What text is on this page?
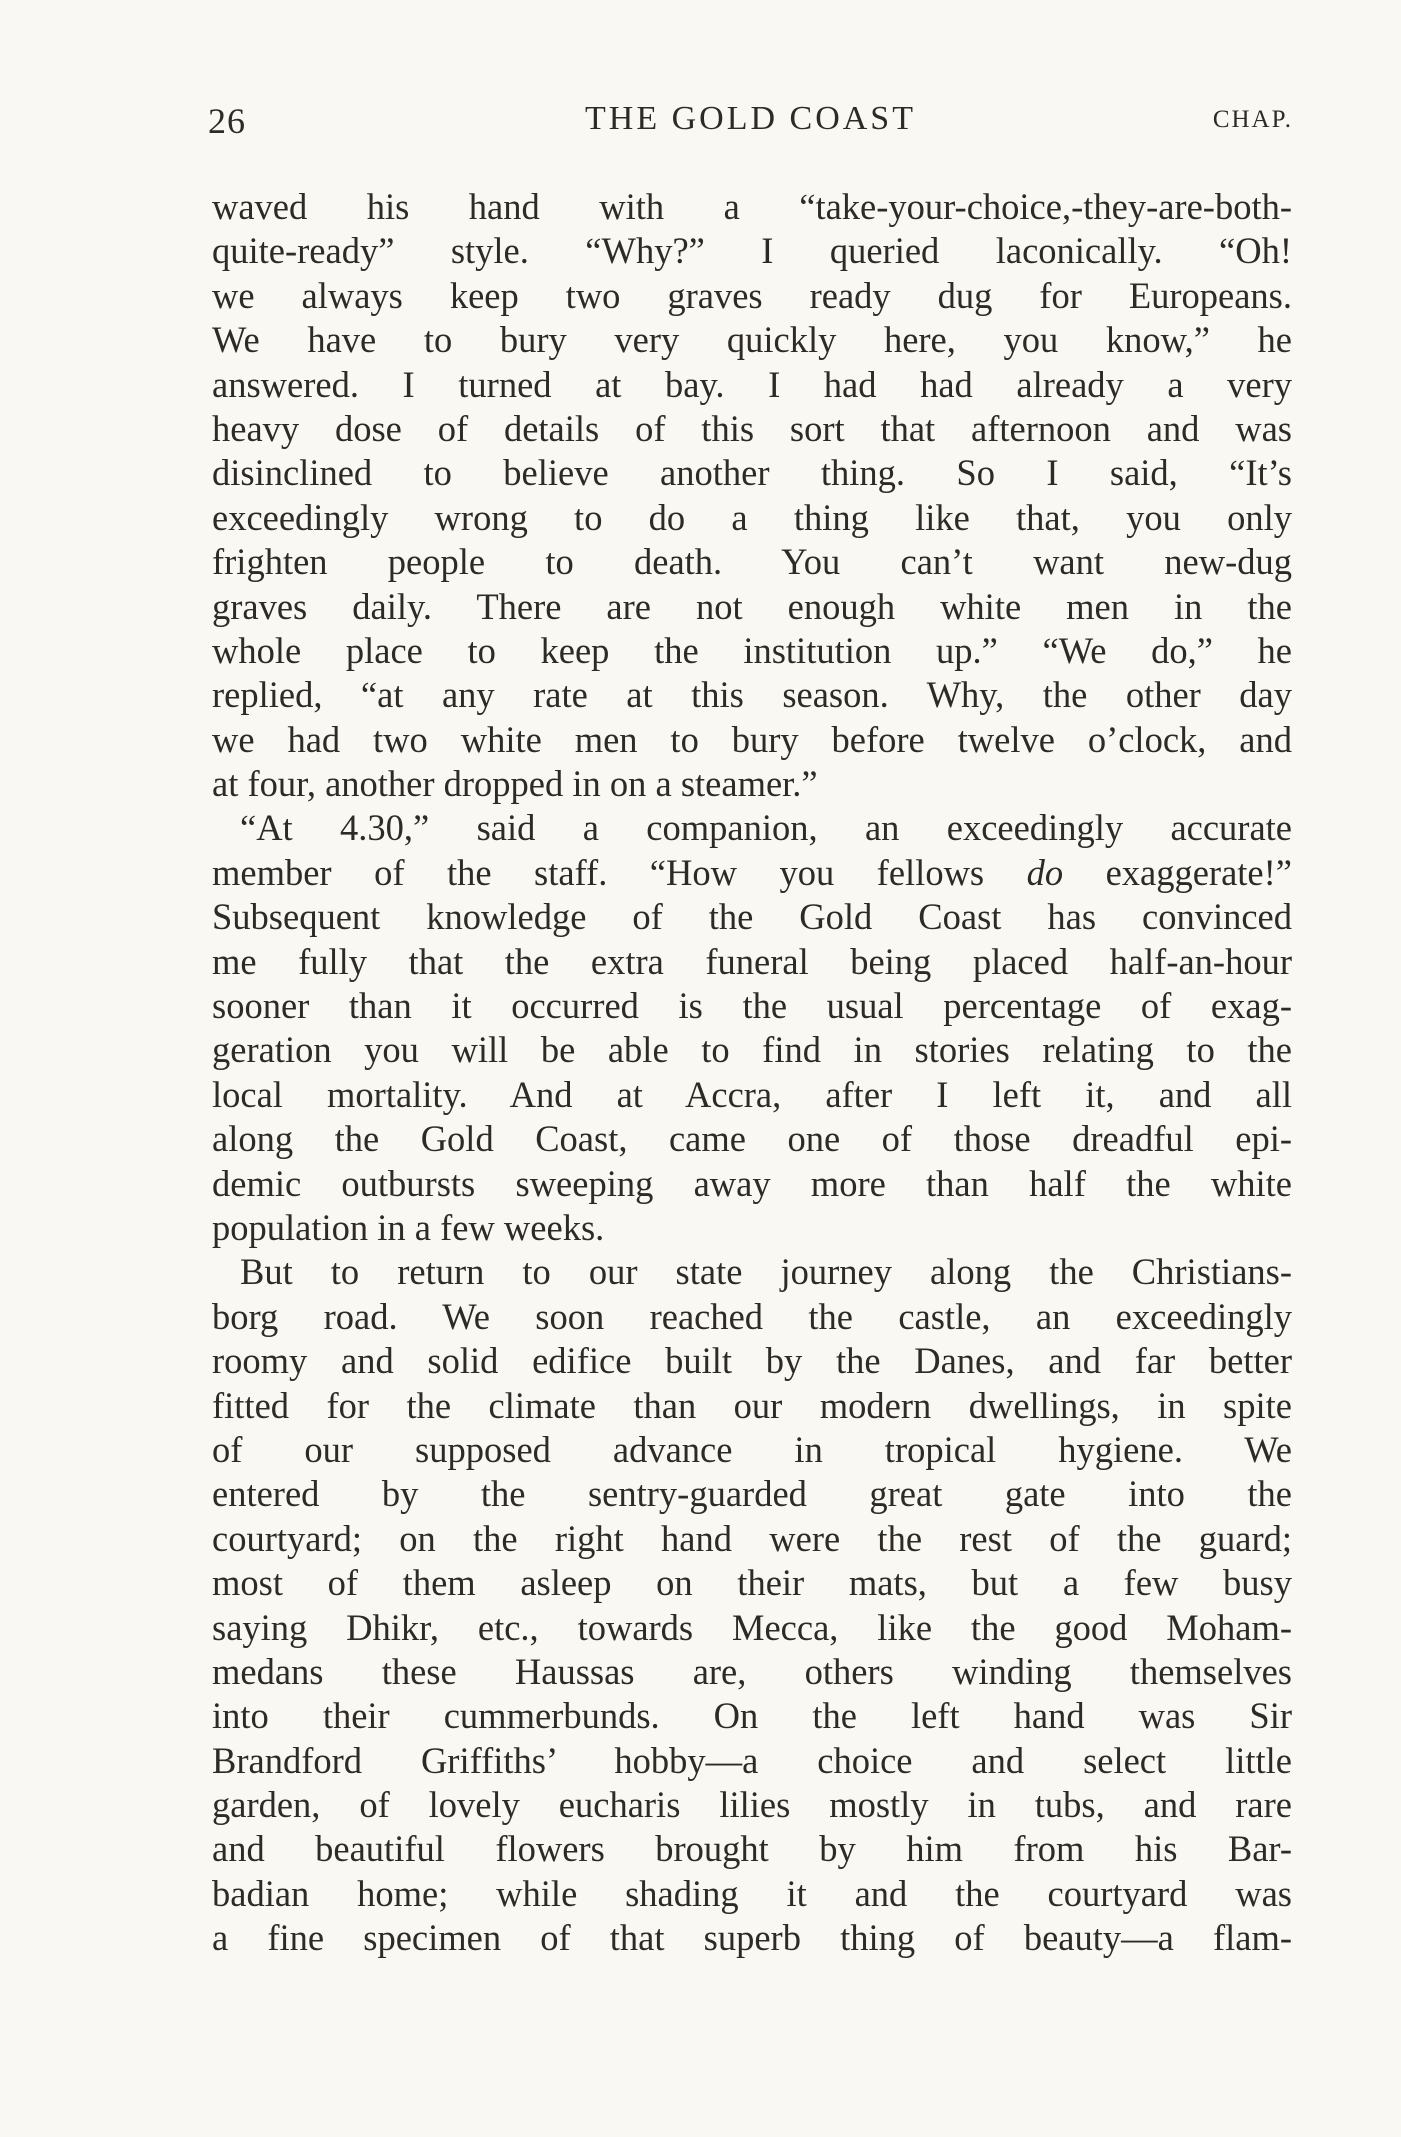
26	THE GOLD COAST	CHAP.
waved his hand with a “take-your-choice,-they-are-both-
quite-ready” style. “Why?” I queried laconically. “Oh!
we always keep two graves ready dug for Europeans.
We have to bury very quickly here, you know,” he
answered. I turned at bay. I had had already a very
heavy dose of details of this sort that afternoon and was
disinclined to believe another thing. So I said, “It’s
exceedingly wrong to do a thing like that, you only
frighten people to death. You can’t want new-dug
graves daily. There are not enough white men in the
whole place to keep the institution up.” “We do,” he
replied, “at any rate at this season. Why, the other day
we had two white men to bury before twelve o’clock, and
at four, another dropped in on a steamer.”
“At 4.30,” said a companion, an exceedingly accurate
member of the staff. “How you fellows do exaggerate!”
Subsequent knowledge of the Gold Coast has convinced
me fully that the extra funeral being placed half-an-hour
sooner than it occurred is the usual percentage of exag-
geration you will be able to find in stories relating to the
local mortality. And at Accra, after I left it, and all
along the Gold Coast, came one of those dreadful epi-
demic outbursts sweeping away more than half the white
population in a few weeks.
But to return to our state journey along the Christians-
borg road. We soon reached the castle, an exceedingly
roomy and solid edifice built by the Danes, and far better
fitted for the climate than our modern dwellings, in spite
of our supposed advance in tropical hygiene. We
entered by the sentry-guarded great gate into the
courtyard; on the right hand were the rest of the guard;
most of them asleep on their mats, but a few busy
saying Dhikr, etc., towards Mecca, like the good Moham-
medans these Haussas are, others winding themselves
into their cummerbunds. On the left hand was Sir
Brandford Griffiths’ hobby—a choice and select little
garden, of lovely eucharis lilies mostly in tubs, and rare
and beautiful flowers brought by him from his Bar-
badian home; while shading it and the courtyard was
a fine specimen of that superb thing of beauty—a flam-
